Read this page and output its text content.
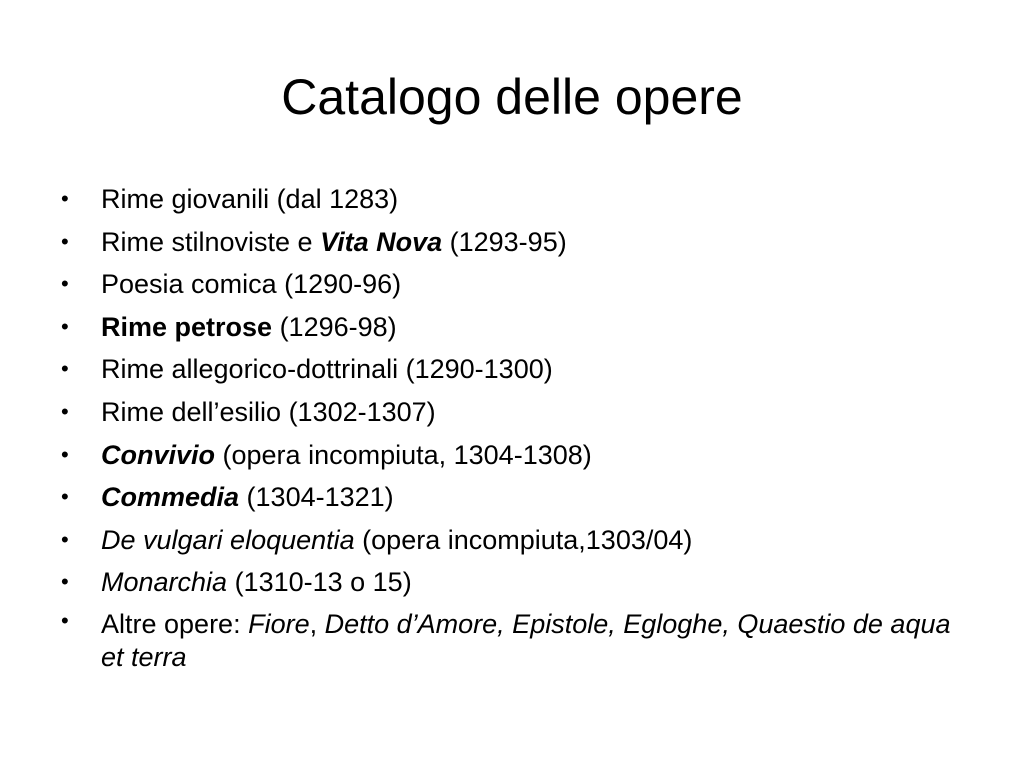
Catalogo delle opere
• Rime giovanili (dal 1283)
• Rime stilnoviste e Vita Nova (1293-95)
• Poesia comica (1290-96)
• Rime petrose (1296-98)
• Rime allegorico-dottrinali (1290-1300)
• Rime dell’esilio (1302-1307)
• Convivio (opera incompiuta, 1304-1308)
• Commedia (1304-1321)
• De vulgari eloquentia (opera incompiuta,1303/04)
• Monarchia (1310-13 o 15)
• Altre opere: Fiore, Detto d’Amore, Epistole, Egloghe, Quaestio de aqua et terra
